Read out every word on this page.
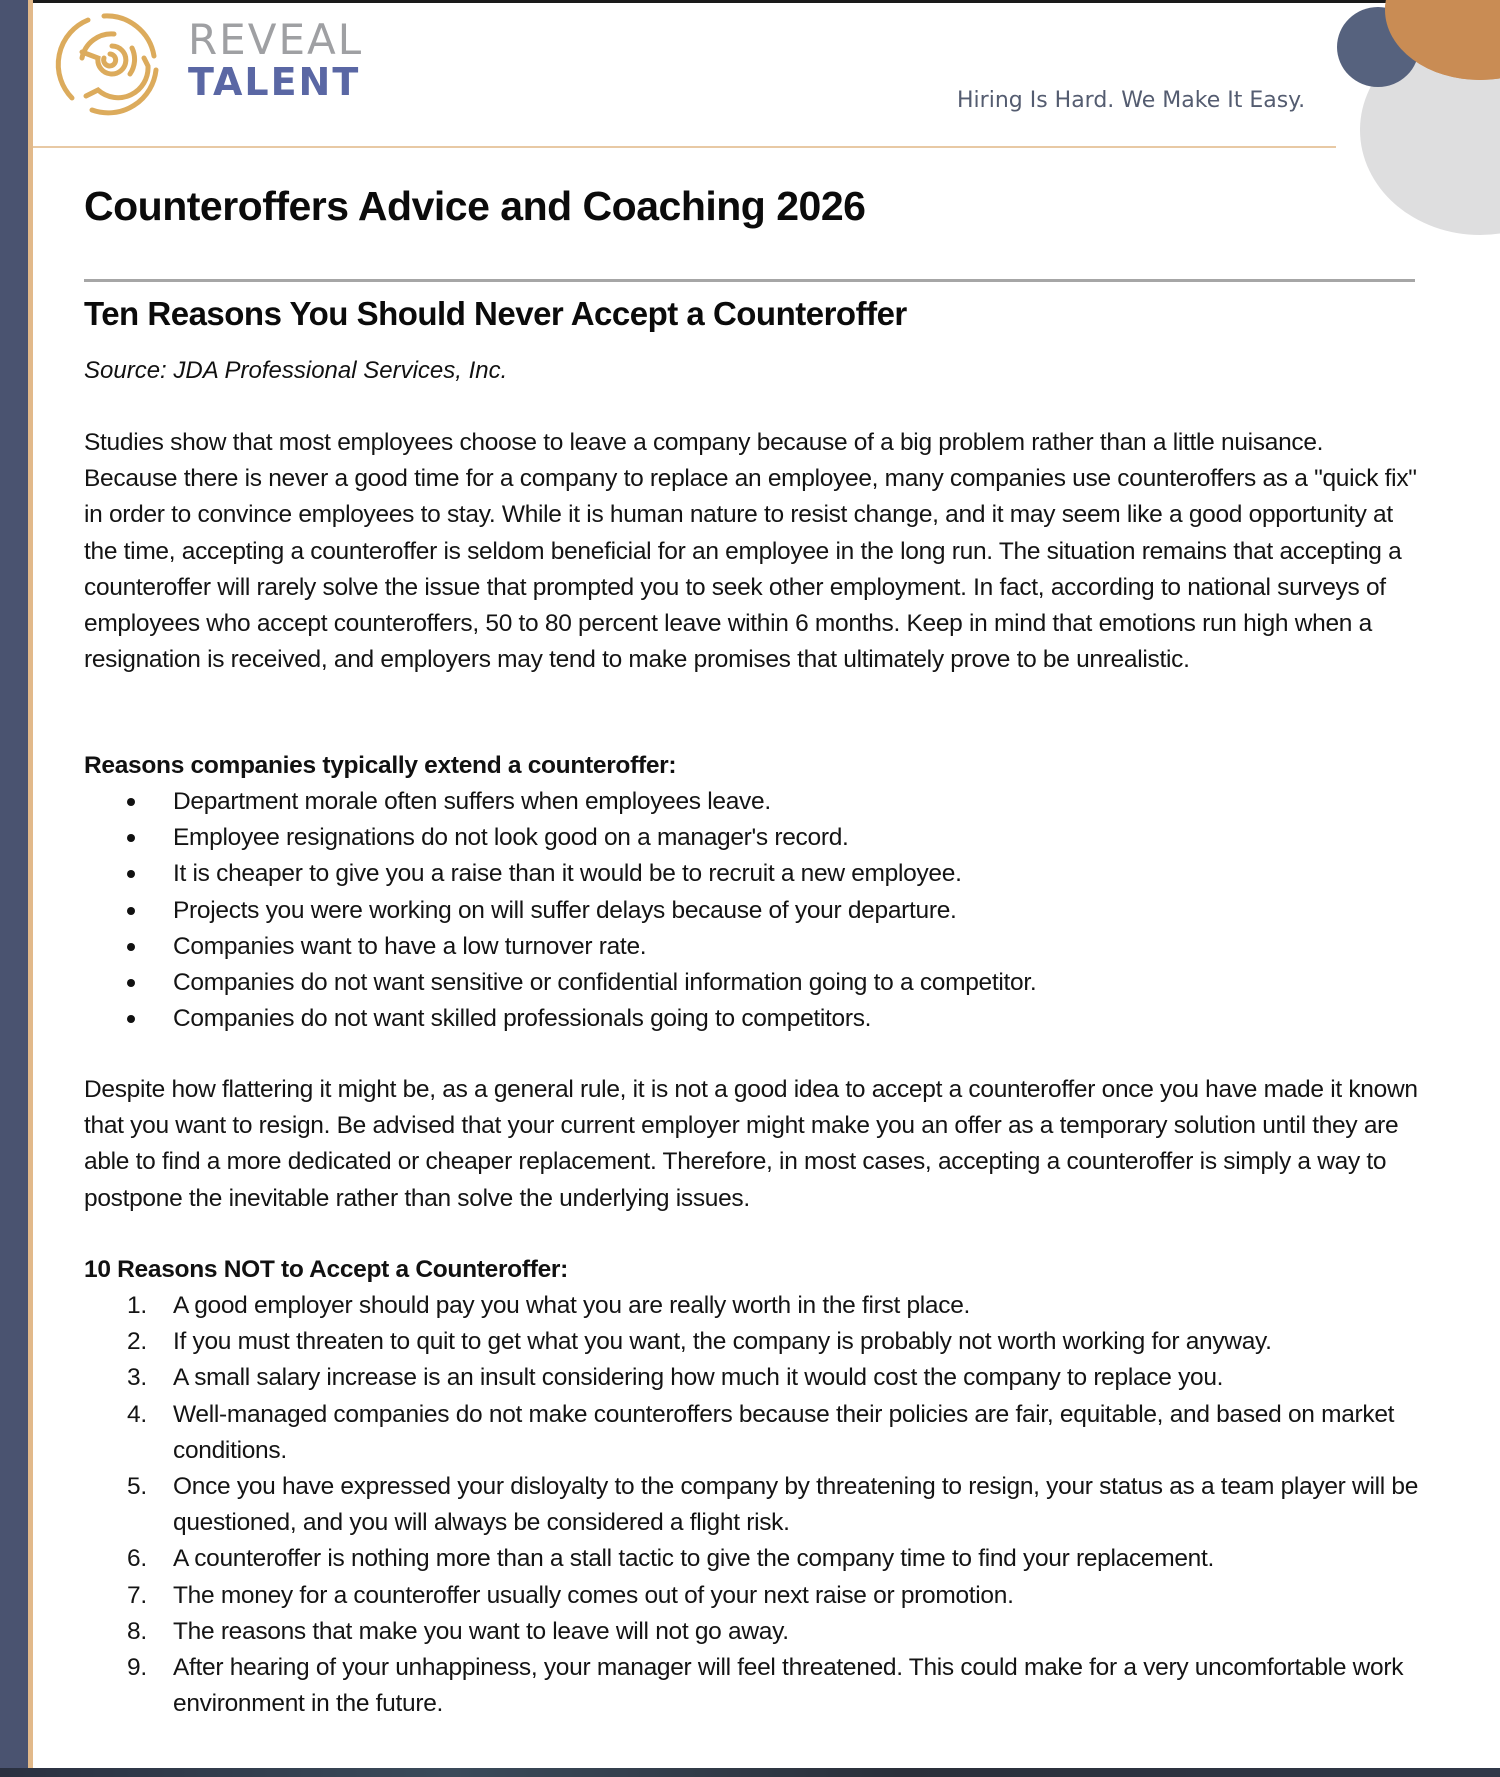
REVEAL
TALENT	Hiring Is Hard. We Make It Easy.
Counteroffers Advice and Coaching 2026
Ten Reasons You Should Never Accept a Counteroffer
Source: JDA Professional Services, Inc.

Studies show that most employees choose to leave a company because of a big problem rather than a little nuisance. Because there is never a good time for a company to replace an employee, many companies use counteroffers as a "quick fix" in order to convince employees to stay. While it is human nature to resist change, and it may seem like a good opportunity at the time, accepting a counteroffer is seldom beneficial for an employee in the long run. The situation remains that accepting a counteroffer will rarely solve the issue that prompted you to seek other employment. In fact, according to national surveys of employees who accept counteroffers, 50 to 80 percent leave within 6 months. Keep in mind that emotions run high when a resignation is received, and employers may tend to make promises that ultimately prove to be unrealistic.

Reasons companies typically extend a counteroffer:

Department morale often suffers when employees leave.
Employee resignations do not look good on a manager's record.
It is cheaper to give you a raise than it would be to recruit a new employee.
Projects you were working on will suffer delays because of your departure.
Companies want to have a low turnover rate.
Companies do not want sensitive or confidential information going to a competitor.
Companies do not want skilled professionals going to competitors.

Despite how flattering it might be, as a general rule, it is not a good idea to accept a counteroffer once you have made it known that you want to resign. Be advised that your current employer might make you an offer as a temporary solution until they are able to find a more dedicated or cheaper replacement. Therefore, in most cases, accepting a counteroffer is simply a way to postpone the inevitable rather than solve the underlying issues.

10 Reasons NOT to Accept a Counteroffer:

1. A good employer should pay you what you are really worth in the first place.
2. If you must threaten to quit to get what you want, the company is probably not worth working for anyway.
3. A small salary increase is an insult considering how much it would cost the company to replace you.
4. Well-managed companies do not make counteroffers because their policies are fair, equitable, and based on market conditions.
5. Once you have expressed your disloyalty to the company by threatening to resign, your status as a team player will be questioned, and you will always be considered a flight risk.
6. A counteroffer is nothing more than a stall tactic to give the company time to find your replacement.
7. The money for a counteroffer usually comes out of your next raise or promotion.
8. The reasons that make you want to leave will not go away.
9. After hearing of your unhappiness, your manager will feel threatened. This could make for a very uncomfortable work environment in the future.
